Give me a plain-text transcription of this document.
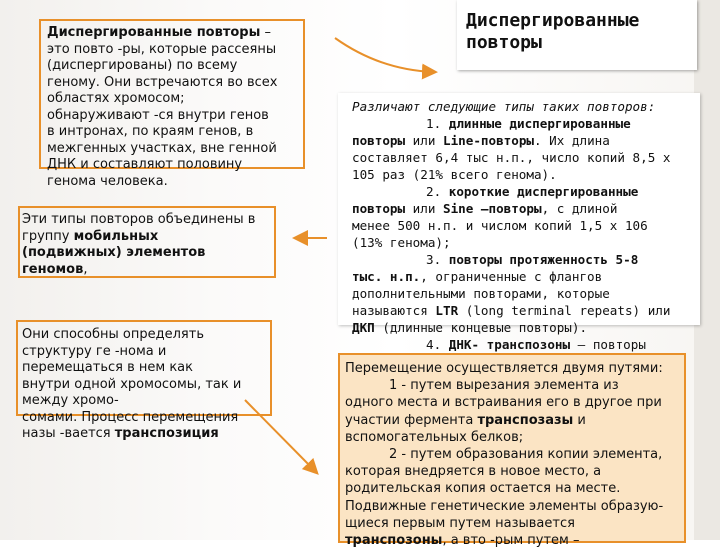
Диспергированные повторы –
это повто -ры, которые рассеяны
(диспергированы) по всему
геному. Они встречаются во всех
областях хромосом;
обнаруживают -ся внутри генов
в интронах, по краям генов, в
межгенных участках, вне генной
ДНК и составляют половину
генома человека.
Эти типы повторов объединены в
группу мобильных
(подвижных) элементов
геномов,
Они способны определять
структуру ге -нома и
перемещаться в нем как
внутри одной хромосомы, так и
между хромо-
сомами. Процесс перемещения
назы -вается транспозиция
Диспергированные
повторы
Различают следующие типы таких повторов:
1. длинные диспергированные
повторы или Line-повторы. Их длина
составляет 6,4 тыс н.п., число копий 8,5 х
105 раз (21% всего генома).
2. короткие диспергированные
повторы или Sine –повторы, с длиной
менее 500 н.п. и числом копий 1,5 х 106
(13% генома);
3. повторы протяженность 5-8
тыс. н.п., ограниченные с флангов
дополнительными повторами, которые
называются LTR (long terminal repeats) или
ДКП (длинные концевые повторы).
4. ДНК- транспозоны – повторы
Перемещение осуществляется двумя путями:
1 - путем вырезания элемента из
одного места и встраивания его в другое при
участии фермента транспозазы и
вспомогательных белков;
2 - путем образования копии элемента,
которая внедряется в новое место, а
родительская копия остается на месте.
Подвижные генетические элементы образую-
щиеся первым путем называется
транспозоны, а вто -рым путем –
